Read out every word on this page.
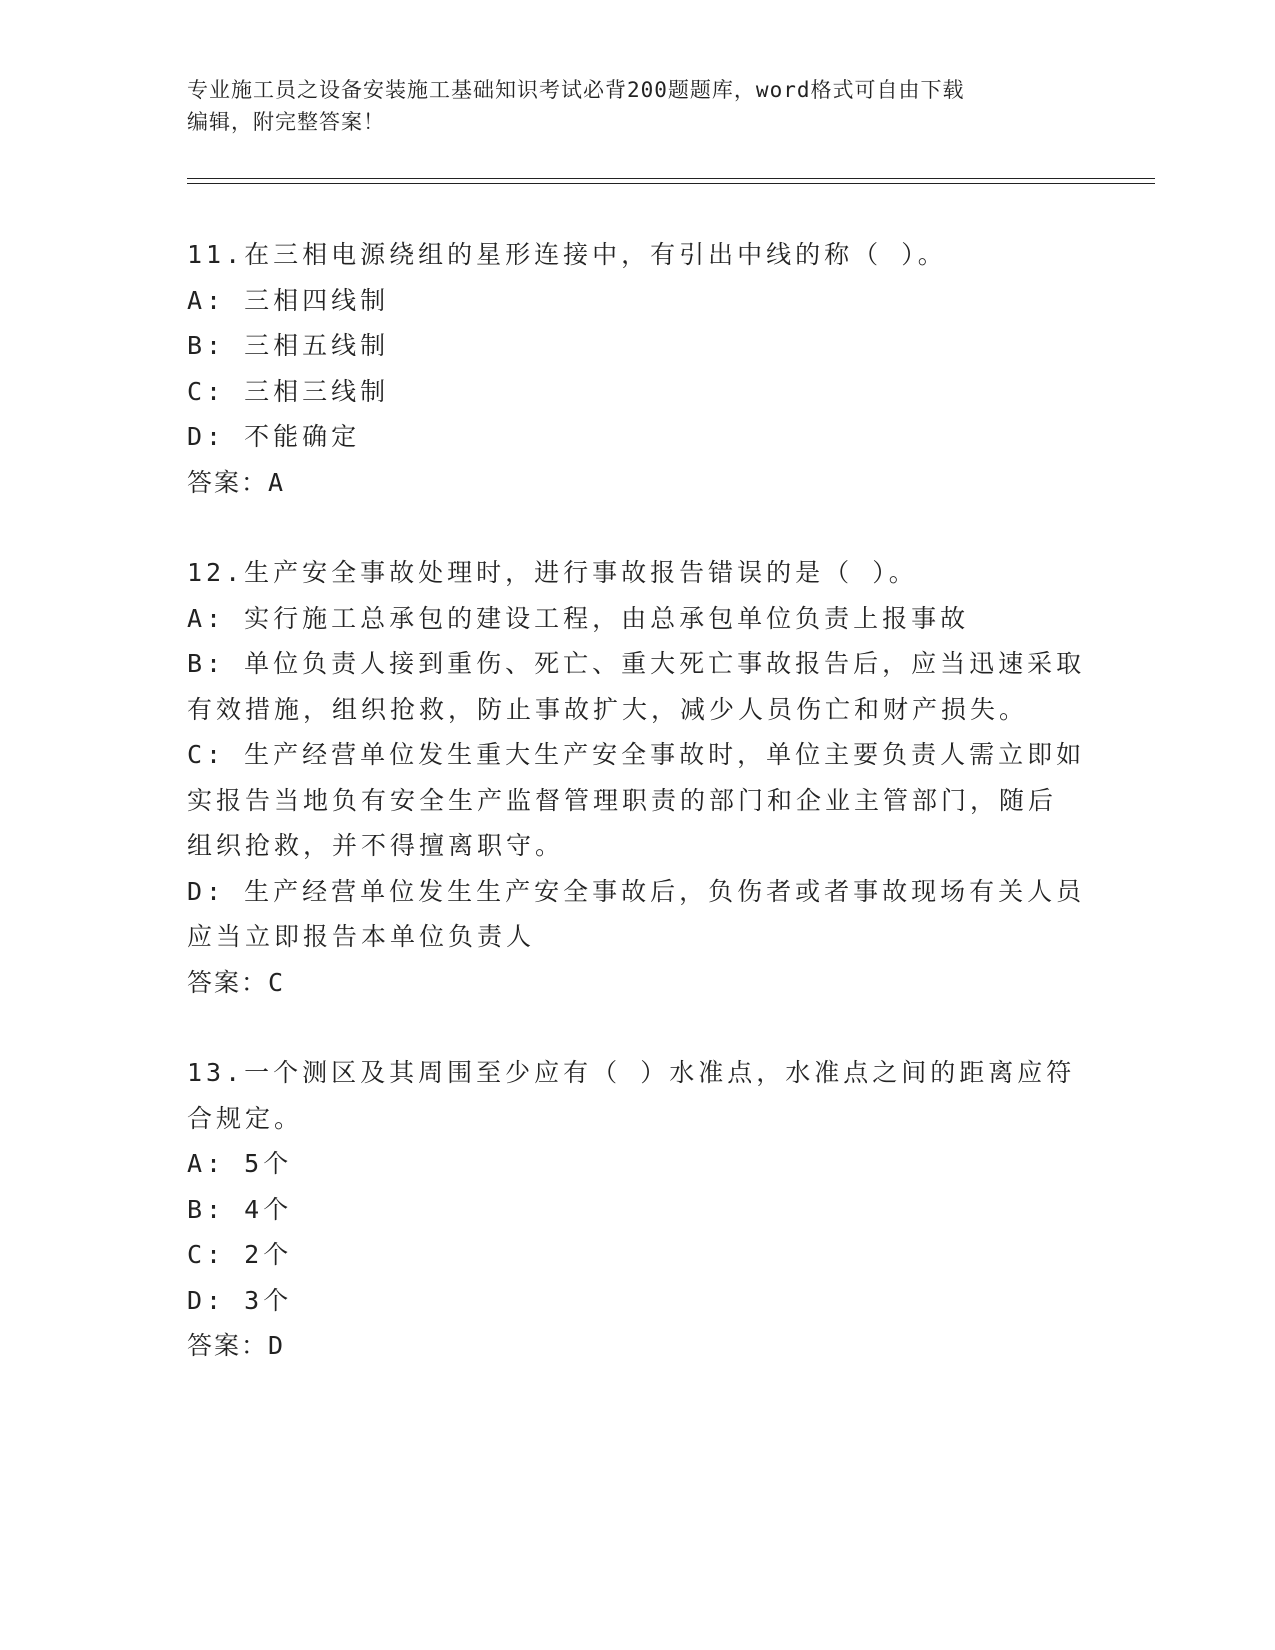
专业施工员之设备安装施工基础知识考试必背200题题库，word格式可自由下载
编辑，附完整答案！
11.在三相电源绕组的星形连接中，有引出中线的称（ ）。
A: 三相四线制
B: 三相五线制
C: 三相三线制
D: 不能确定
答案：A
12.生产安全事故处理时，进行事故报告错误的是（ ）。
A: 实行施工总承包的建设工程，由总承包单位负责上报事故
B: 单位负责人接到重伤、死亡、重大死亡事故报告后，应当迅速采取
有效措施，组织抢救，防止事故扩大，减少人员伤亡和财产损失。
C: 生产经营单位发生重大生产安全事故时，单位主要负责人需立即如
实报告当地负有安全生产监督管理职责的部门和企业主管部门，随后
组织抢救，并不得擅离职守。
D: 生产经营单位发生生产安全事故后，负伤者或者事故现场有关人员
应当立即报告本单位负责人
答案：C
13.一个测区及其周围至少应有（ ）水准点，水准点之间的距离应符
合规定。
A: 5个
B: 4个
C: 2个
D: 3个
答案：D
